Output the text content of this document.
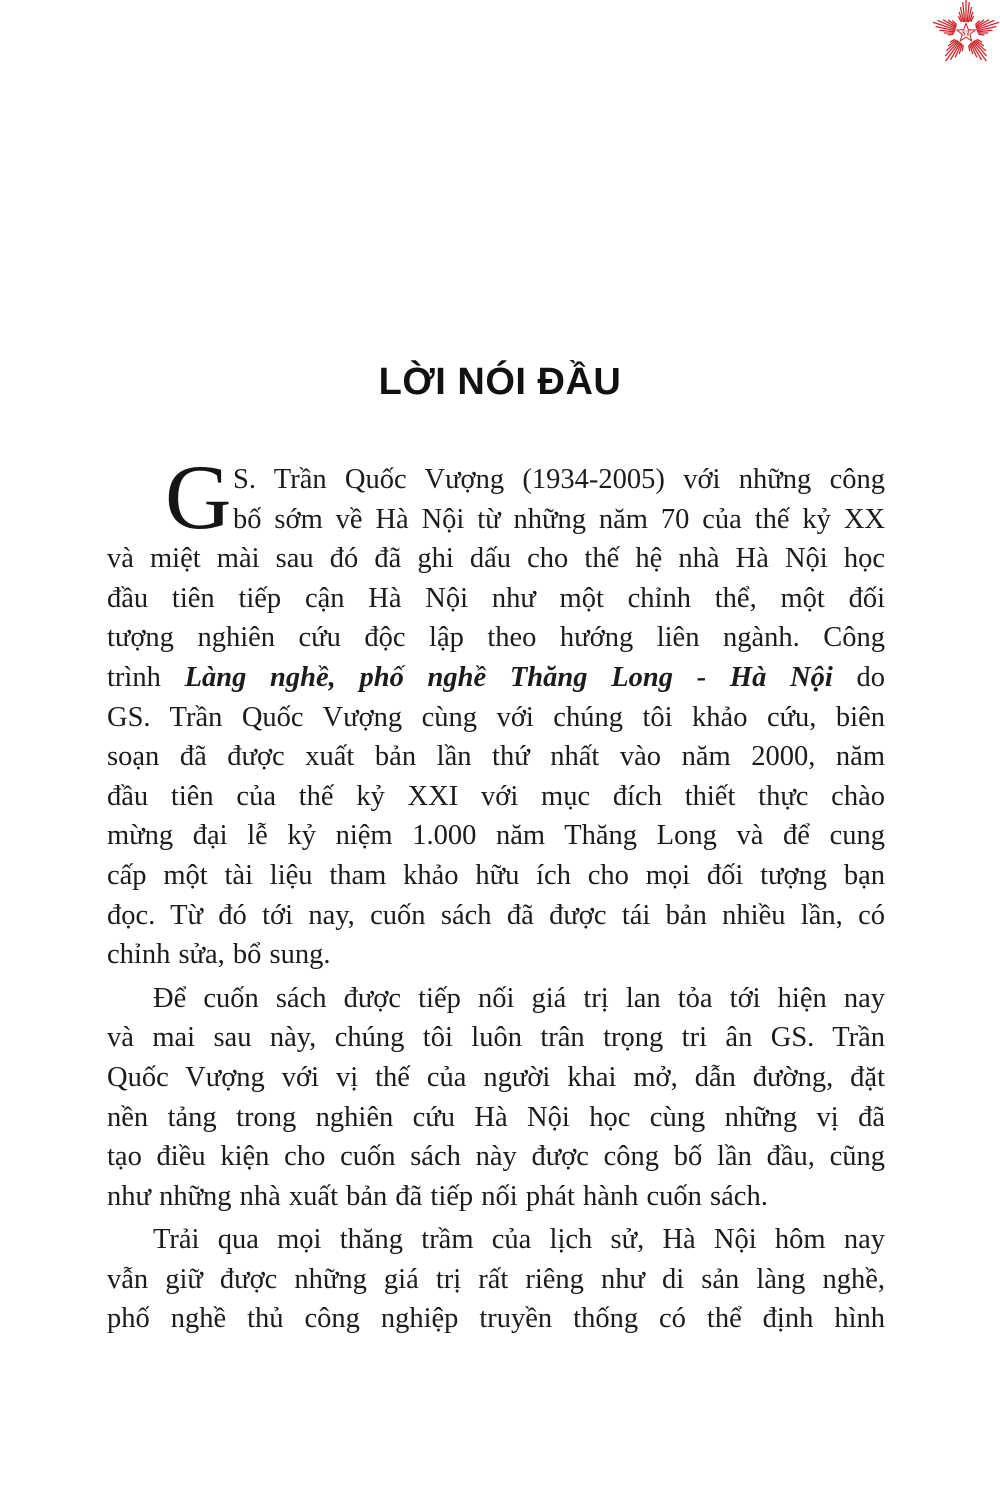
ST
LỜI NÓI ĐẦU
G S. Trần Quốc Vượng (1934-2005) với những công
bố sớm về Hà Nội từ những năm 70 của thế kỷ XX
và miệt mài sau đó đã ghi dấu cho thế hệ nhà Hà Nội học
đầu tiên tiếp cận Hà Nội như một chỉnh thể, một đối
tượng nghiên cứu độc lập theo hướng liên ngành. Công
trình Làng nghề, phố nghề Thăng Long - Hà Nội do
GS. Trần Quốc Vượng cùng với chúng tôi khảo cứu, biên
soạn đã được xuất bản lần thứ nhất vào năm 2000, năm
đầu tiên của thế kỷ XXI với mục đích thiết thực chào
mừng đại lễ kỷ niệm 1.000 năm Thăng Long và để cung
cấp một tài liệu tham khảo hữu ích cho mọi đối tượng bạn
đọc. Từ đó tới nay, cuốn sách đã được tái bản nhiều lần, có
chỉnh sửa, bổ sung.
Để cuốn sách được tiếp nối giá trị lan tỏa tới hiện nay
và mai sau này, chúng tôi luôn trân trọng tri ân GS. Trần
Quốc Vượng với vị thế của người khai mở, dẫn đường, đặt
nền tảng trong nghiên cứu Hà Nội học cùng những vị đã
tạo điều kiện cho cuốn sách này được công bố lần đầu, cũng
như những nhà xuất bản đã tiếp nối phát hành cuốn sách.
Trải qua mọi thăng trầm của lịch sử, Hà Nội hôm nay
vẫn giữ được những giá trị rất riêng như di sản làng nghề,
phố nghề thủ công nghiệp truyền thống có thể định hình
